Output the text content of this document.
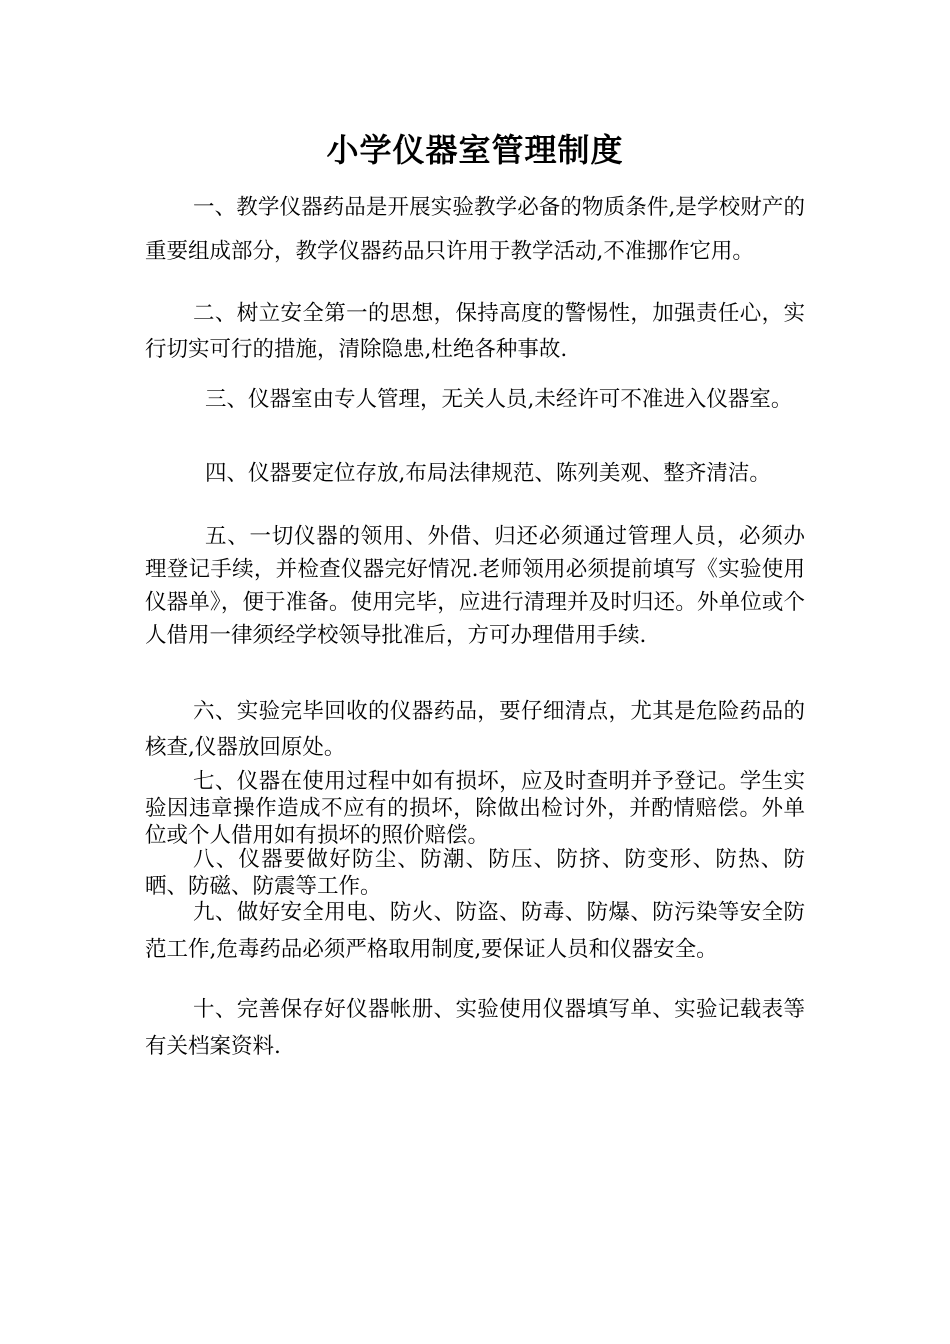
小学仪器室管理制度

一、教学仪器药品是开展实验教学必备的物质条件,是学校财产的重要组成部分，教学仪器药品只许用于教学活动,不准挪作它用。

二、树立安全第一的思想，保持高度的警惕性，加强责任心，实行切实可行的措施，清除隐患,杜绝各种事故.

三、仪器室由专人管理，无关人员,未经许可不准进入仪器室。

四、仪器要定位存放,布局法律规范、陈列美观、整齐清洁。

五、一切仪器的领用、外借、归还必须通过管理人员，必须办理登记手续，并检查仪器完好情况.老师领用必须提前填写《实验使用仪器单》，便于准备。使用完毕，应进行清理并及时归还。外单位或个人借用一律须经学校领导批准后，方可办理借用手续.

六、实验完毕回收的仪器药品，要仔细清点，尤其是危险药品的核查,仪器放回原处。

七、仪器在使用过程中如有损坏，应及时查明并予登记。学生实验因违章操作造成不应有的损坏，除做出检讨外，并酌情赔偿。外单位或个人借用如有损坏的照价赔偿。

八、仪器要做好防尘、防潮、防压、防挤、防变形、防热、防晒、防磁、防震等工作。

九、做好安全用电、防火、防盗、防毒、防爆、防污染等安全防范工作,危毒药品必须严格取用制度,要保证人员和仪器安全。

十、完善保存好仪器帐册、实验使用仪器填写单、实验记载表等有关档案资料.
